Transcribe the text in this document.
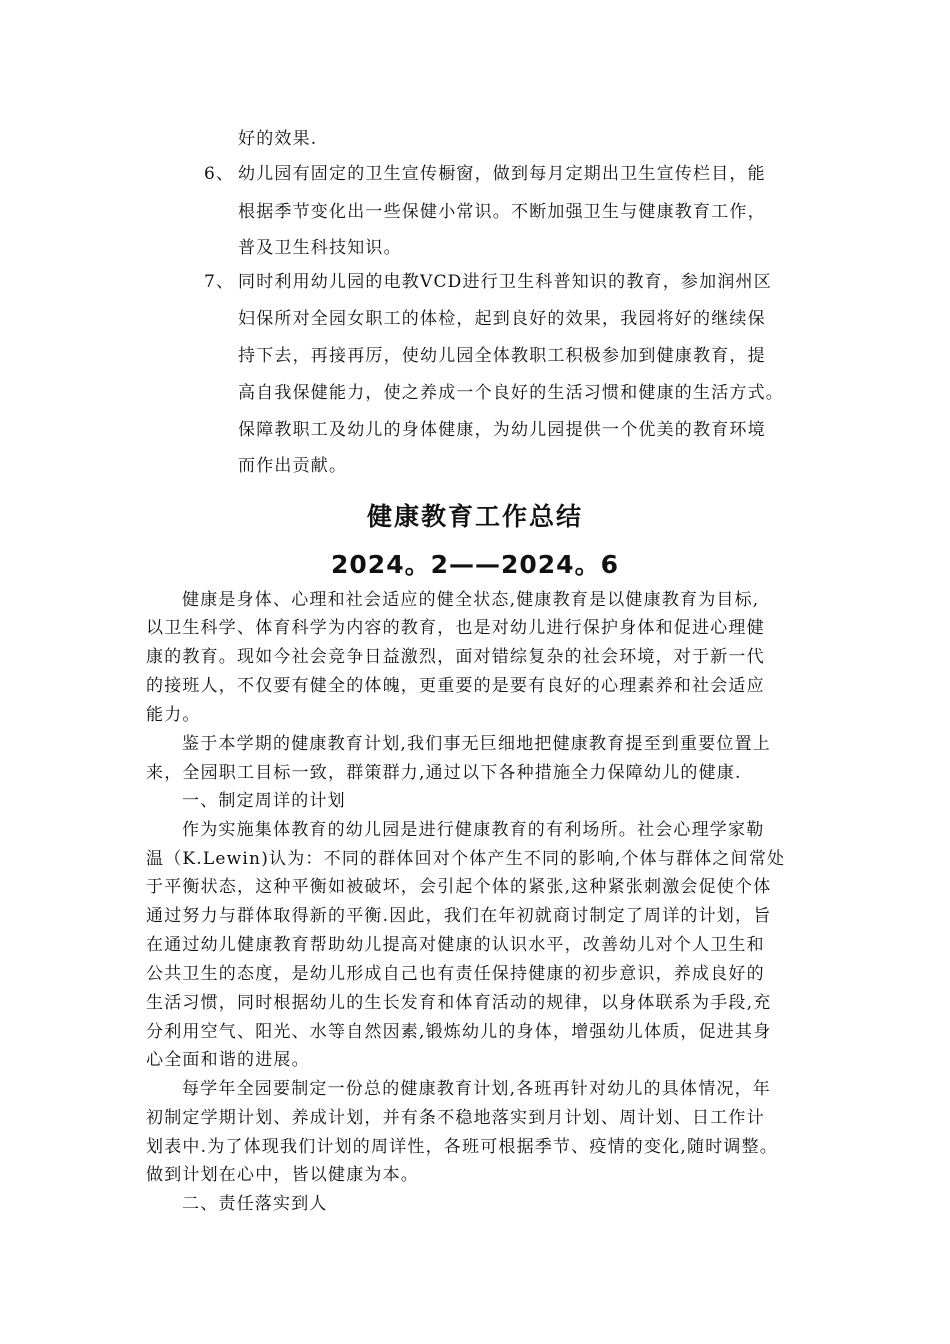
好的效果.
6、 幼儿园有固定的卫生宣传橱窗，做到每月定期出卫生宣传栏目，能
根据季节变化出一些保健小常识。不断加强卫生与健康教育工作，
普及卫生科技知识。
7、 同时利用幼儿园的电教VCD进行卫生科普知识的教育，参加润州区
妇保所对全园女职工的体检，起到良好的效果，我园将好的继续保
持下去，再接再厉，使幼儿园全体教职工积极参加到健康教育，提
高自我保健能力，使之养成一个良好的生活习惯和健康的生活方式。
保障教职工及幼儿的身体健康，为幼儿园提供一个优美的教育环境
而作出贡献。
健康教育工作总结
2024。2——2024。6
健康是身体、心理和社会适应的健全状态,健康教育是以健康教育为目标,
以卫生科学、体育科学为内容的教育，也是对幼儿进行保护身体和促进心理健
康的教育。现如今社会竞争日益激烈，面对错综复杂的社会环境，对于新一代
的接班人，不仅要有健全的体魄，更重要的是要有良好的心理素养和社会适应
能力。
鉴于本学期的健康教育计划,我们事无巨细地把健康教育提至到重要位置上
来，全园职工目标一致，群策群力,通过以下各种措施全力保障幼儿的健康.
一、制定周详的计划
作为实施集体教育的幼儿园是进行健康教育的有利场所。社会心理学家勒
温（K.Lewin)认为：不同的群体回对个体产生不同的影响,个体与群体之间常处
于平衡状态，这种平衡如被破坏，会引起个体的紧张,这种紧张刺激会促使个体
通过努力与群体取得新的平衡.因此，我们在年初就商讨制定了周详的计划，旨
在通过幼儿健康教育帮助幼儿提高对健康的认识水平，改善幼儿对个人卫生和
公共卫生的态度，是幼儿形成自己也有责任保持健康的初步意识，养成良好的
生活习惯，同时根据幼儿的生长发育和体育活动的规律，以身体联系为手段,充
分利用空气、阳光、水等自然因素,锻炼幼儿的身体，增强幼儿体质，促进其身
心全面和谐的进展。
每学年全园要制定一份总的健康教育计划,各班再针对幼儿的具体情况，年
初制定学期计划、养成计划，并有条不稳地落实到月计划、周计划、日工作计
划表中.为了体现我们计划的周详性，各班可根据季节、疫情的变化,随时调整。
做到计划在心中，皆以健康为本。
二、责任落实到人
